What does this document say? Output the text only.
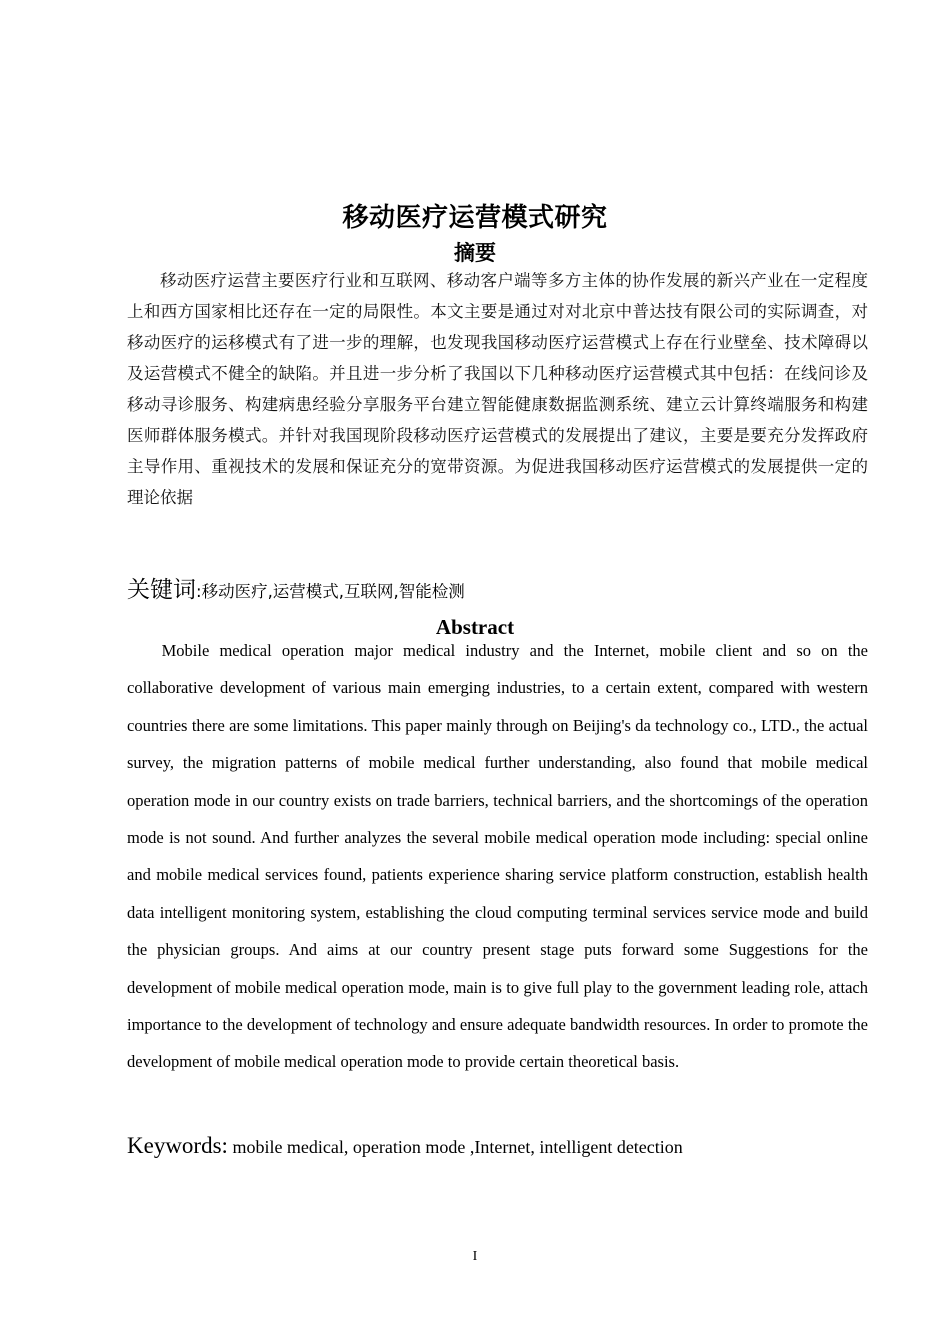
移动医疗运营模式研究
摘要

移动医疗运营主要医疗行业和互联网、移动客户端等多方主体的协作发展的新兴产业在一定程度上和西方国家相比还存在一定的局限性。本文主要是通过对对北京中普达技有限公司的实际调查，对移动医疗的运移模式有了进一步的理解，也发现我国移动医疗运营模式上存在行业壁垒、技术障碍以及运营模式不健全的缺陷。并且进一步分析了我国以下几种移动医疗运营模式其中包括：在线问诊及移动寻诊服务、构建病患经验分享服务平台建立智能健康数据监测系统、建立云计算终端服务和构建医师群体服务模式。并针对我国现阶段移动医疗运营模式的发展提出了建议，主要是要充分发挥政府主导作用、重视技术的发展和保证充分的宽带资源。为促进我国移动医疗运营模式的发展提供一定的理论依据

关键词:移动医疗,运营模式,互联网,智能检测
Abstract

Mobile medical operation major medical industry and the Internet, mobile client and so on the collaborative development of various main emerging industries, to a certain extent, compared with western countries there are some limitations. This paper mainly through on Beijing's da technology co., LTD., the actual survey, the migration patterns of mobile medical further understanding, also found that mobile medical operation mode in our country exists on trade barriers, technical barriers, and the shortcomings of the operation mode is not sound. And further analyzes the several mobile medical operation mode including: special online and mobile medical services found, patients experience sharing service platform construction, establish health data intelligent monitoring system, establishing the cloud computing terminal services service mode and build the physician groups. And aims at our country present stage puts forward some Suggestions for the development of mobile medical operation mode, main is to give full play to the government leading role, attach importance to the development of technology and ensure adequate bandwidth resources. In order to promote the development of mobile medical operation mode to provide certain theoretical basis.

Keywords: mobile medical, operation mode ,Internet, intelligent detection
I
